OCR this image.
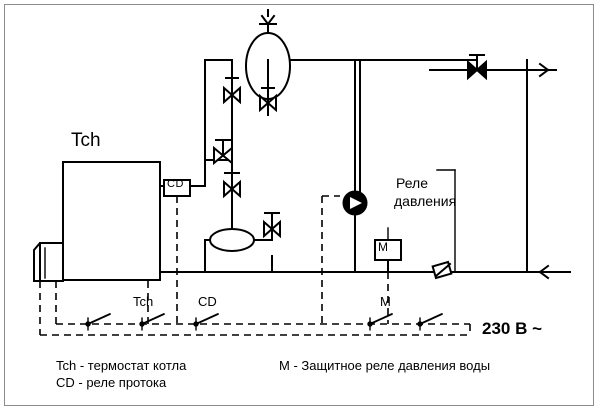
Tch
CD	Реле
давления
M
Tch	CD	M
230 В ~
Tch - термостат котла
CD - реле протока
M - Защитное реле давления воды
